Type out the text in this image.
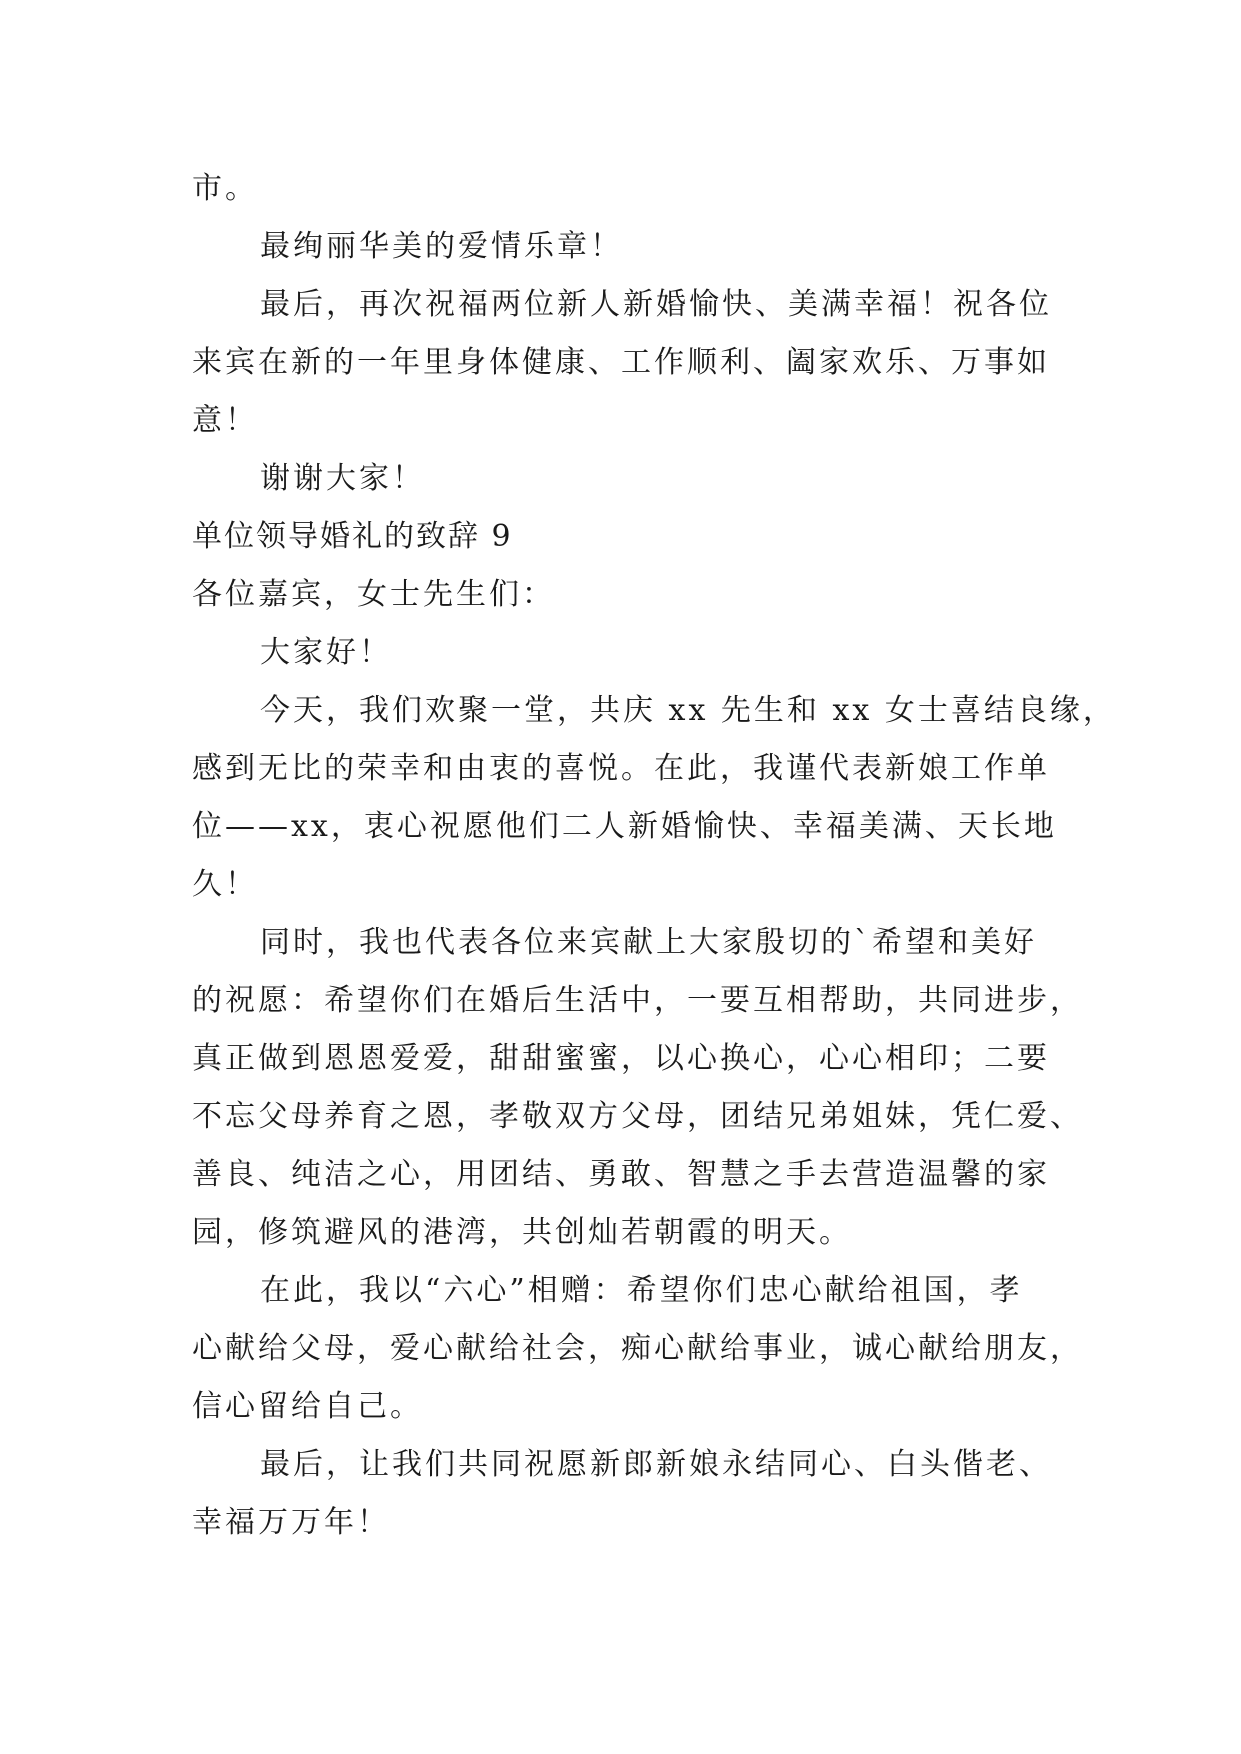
市。
最绚丽华美的爱情乐章！
最后，再次祝福两位新人新婚愉快、美满幸福！祝各位
来宾在新的一年里身体健康、工作顺利、阖家欢乐、万事如
意！
谢谢大家！
单位领导婚礼的致辞 9
各位嘉宾，女士先生们：
大家好！
今天，我们欢聚一堂，共庆 xx 先生和 xx 女士喜结良缘，
感到无比的荣幸和由衷的喜悦。在此，我谨代表新娘工作单
位——xx，衷心祝愿他们二人新婚愉快、幸福美满、天长地
久！
同时，我也代表各位来宾献上大家殷切的`希望和美好
的祝愿：希望你们在婚后生活中，一要互相帮助，共同进步，
真正做到恩恩爱爱，甜甜蜜蜜，以心换心，心心相印；二要
不忘父母养育之恩，孝敬双方父母，团结兄弟姐妹，凭仁爱、
善良、纯洁之心，用团结、勇敢、智慧之手去营造温馨的家
园，修筑避风的港湾，共创灿若朝霞的明天。
在此，我以“六心”相赠：希望你们忠心献给祖国，孝
心献给父母，爱心献给社会，痴心献给事业，诚心献给朋友，
信心留给自己。
最后，让我们共同祝愿新郎新娘永结同心、白头偕老、
幸福万万年！
